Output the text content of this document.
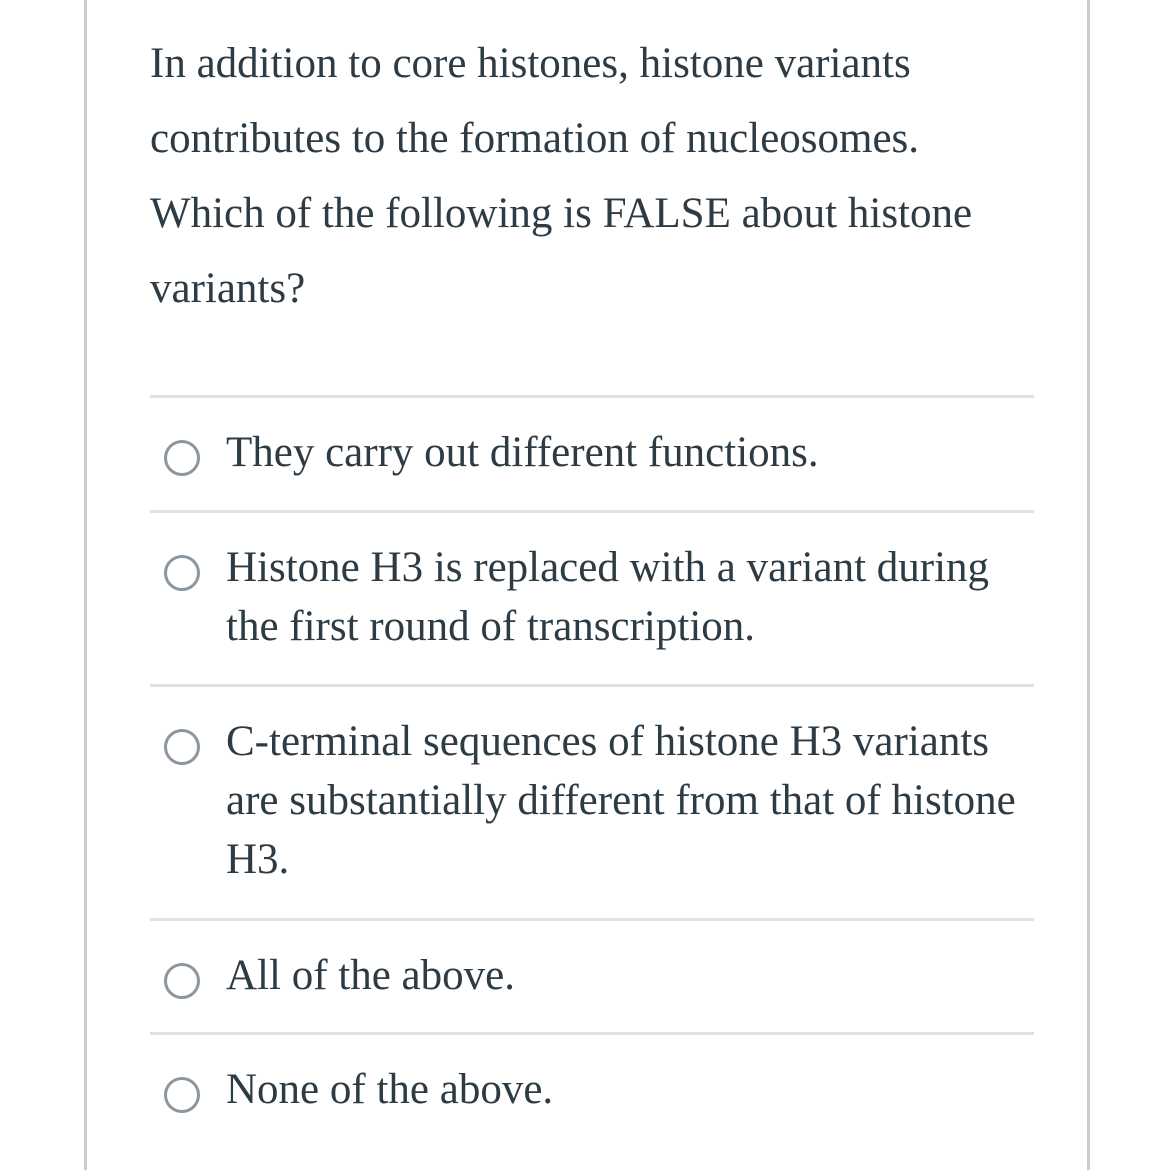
In addition to core histones, histone variants contributes to the formation of nucleosomes. Which of the following is FALSE about histone variants?

They carry out different functions.
Histone H3 is replaced with a variant during the first round of transcription.
C-terminal sequences of histone H3 variants are substantially different from that of histone H3.
All of the above.
None of the above.
